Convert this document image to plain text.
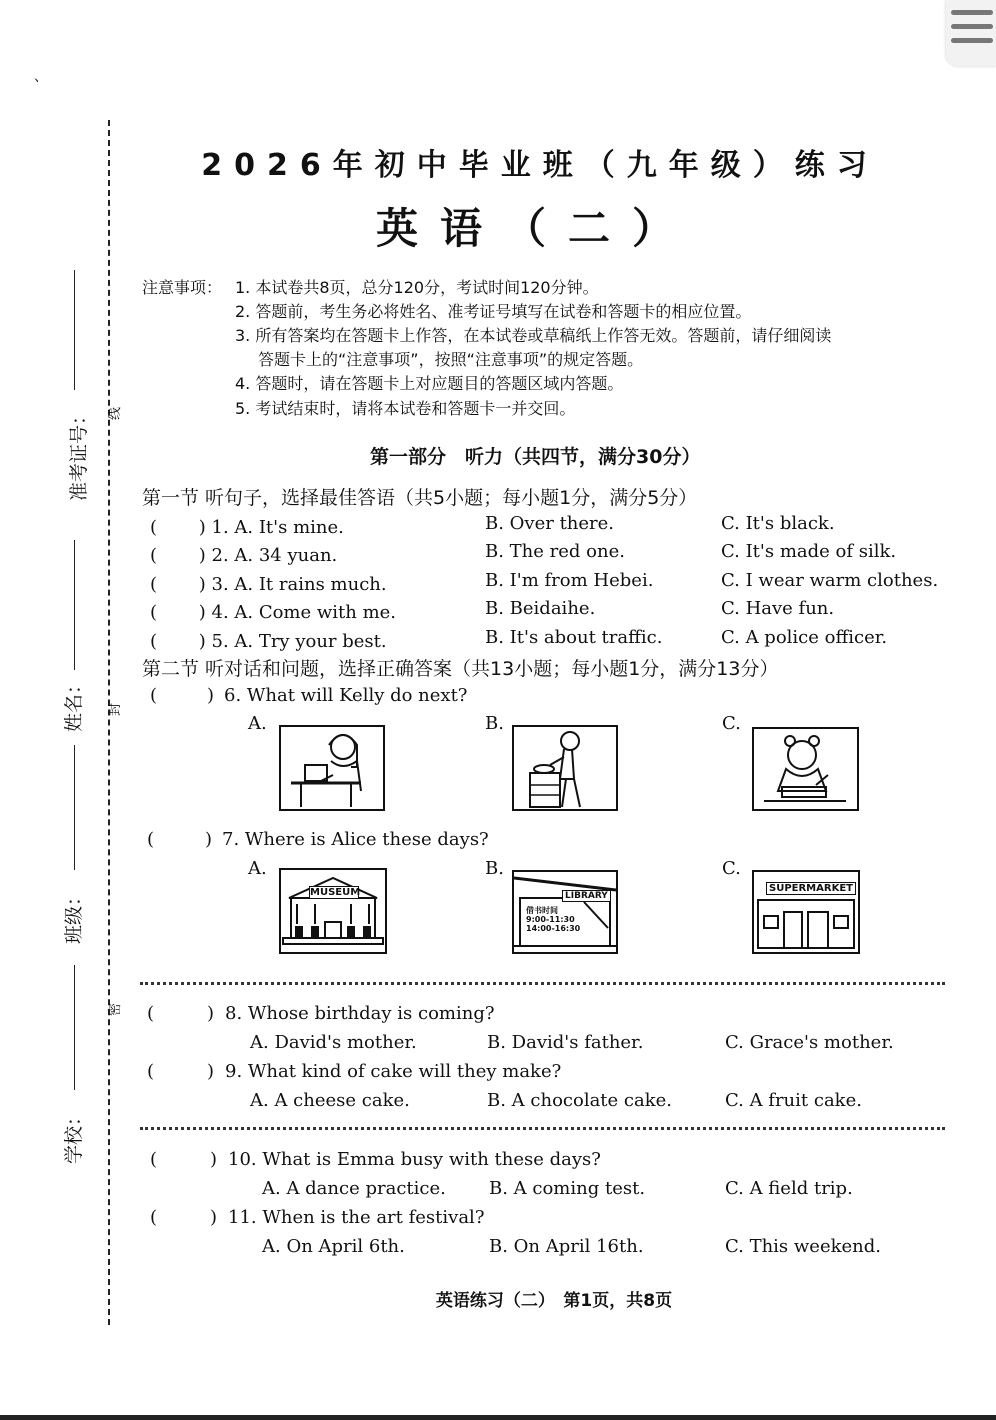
、
线
封
密
准考证号：
姓名：
班级：
学校：
2026年初中毕业班（九年级）练习
英语（二）
注意事项： 1. 本试卷共8页，总分120分，考试时间120分钟。
2. 答题前，考生务必将姓名、准考证号填写在试卷和答题卡的相应位置。
3. 所有答案均在答题卡上作答，在本试卷或草稿纸上作答无效。答题前，请仔细阅读
答题卡上的“注意事项”，按照“注意事项”的规定答题。
4. 答题时，请在答题卡上对应题目的答题区域内答题。
5. 考试结束时，请将本试卷和答题卡一并交回。
第一部分　听力（共四节，满分30分）
第一节 听句子，选择最佳答语（共5小题；每小题1分，满分5分）
( 　　) 1. A. It's mine.	B. Over there.	C. It's black.
( 　　) 2. A. 34 yuan.	B. The red one.	C. It's made of silk.
( 　　) 3. A. It rains much.	B. I'm from Hebei.	C. I wear warm clothes.
( 　　) 4. A. Come with me.	B. Beidaihe.	C. Have fun.
( 　　) 5. A. Try your best.	B. It's about traffic.	C. A police officer.
第二节 听对话和问题，选择正确答案（共13小题；每小题1分，满分13分）
(	) 6. What will Kelly do next?
A.	B.	C.
(	) 7. Where is Alice these days?
A.	B.	C.
MUSEUM	LIBRARY
借书时间
9:00-11:30
14:00-16:30
SUPERMARKET
(	) 8. Whose birthday is coming?
A. David's mother.	B. David's father.	C. Grace's mother.
(	) 9. What kind of cake will they make?
A. A cheese cake.	B. A chocolate cake.	C. A fruit cake.
(	) 10. What is Emma busy with these days?
A. A dance practice. B. A coming test.	C. A field trip.
(	) 11. When is the art festival?
A. On April 6th.	B. On April 16th.	C. This weekend.
英语练习（二）　第1页，共8页
